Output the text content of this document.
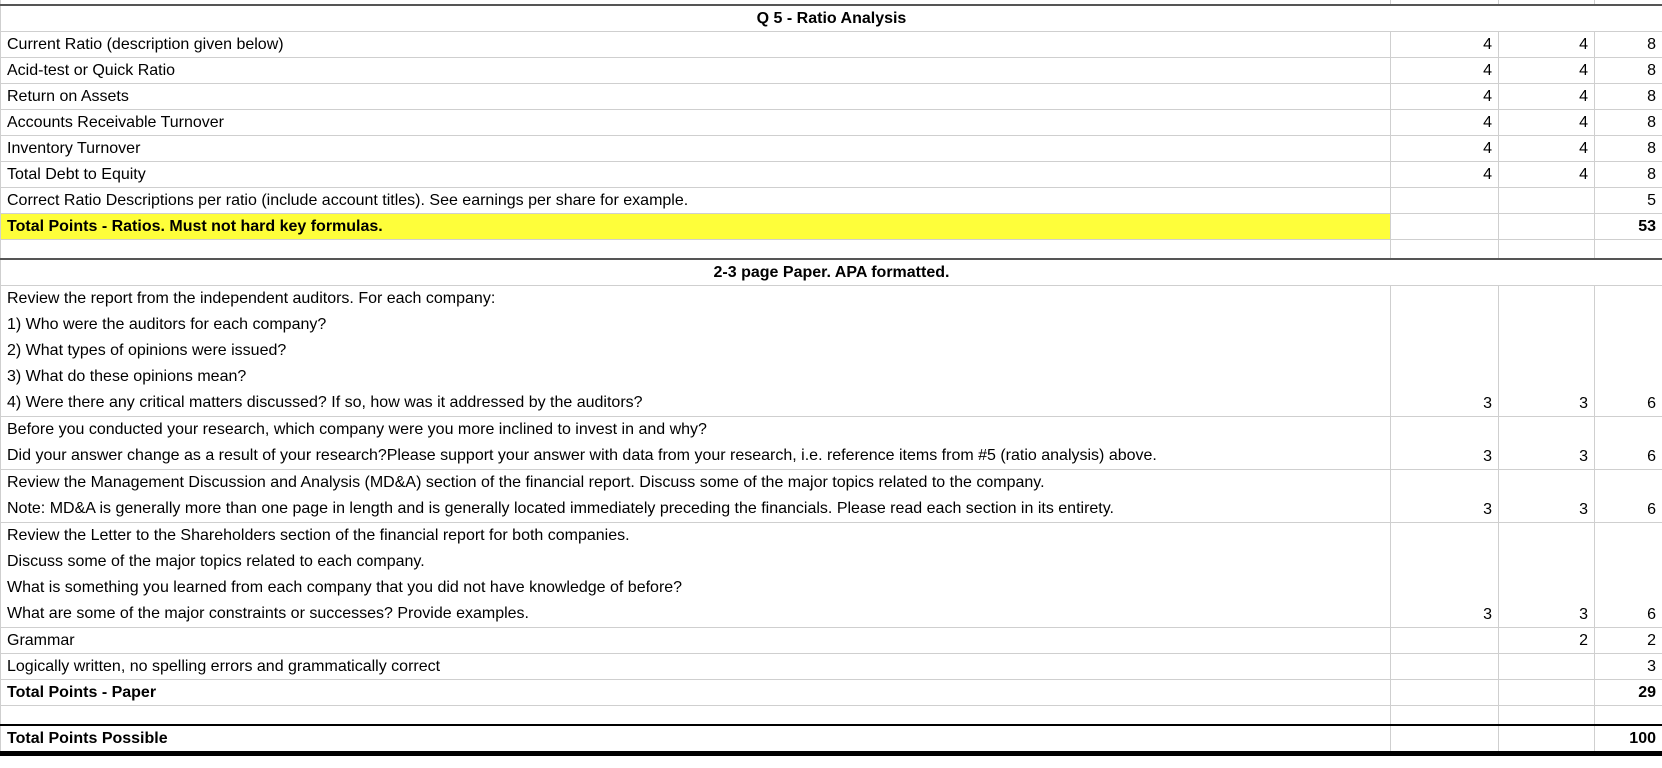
Q 5 - Ratio Analysis			
Current Ratio (description given below)	4	4	8
Acid-test or Quick Ratio	4	4	8
Return on Assets	4	4	8
Accounts Receivable Turnover	4	4	8
Inventory Turnover	4	4	8
Total Debt to Equity	4	4	8
Correct Ratio Descriptions per ratio (include account titles). See earnings per share for example.			5
Total Points - Ratios. Must not hard key formulas.			53

2-3 page Paper. APA formatted.			

Review the report from the independent auditors. For each company:
1) Who were the auditors for each company?
2) What types of opinions were issued?
3) What do these opinions mean?
4) Were there any critical matters discussed? If so, how was it addressed by the auditors?	3	3	6

Before you conducted your research, which company were you more inclined to invest in and why?
Did your answer change as a result of your research?Please support your answer with data from your research, i.e. reference items from #5 (ratio analysis) above.	3	3	6

Review the Management Discussion and Analysis (MD&A) section of the financial report. Discuss some of the major topics related to the company.
Note: MD&A is generally more than one page in length and is generally located immediately preceding the financials. Please read each section in its entirety.	3	3	6

Review the Letter to the Shareholders section of the financial report for both companies.
Discuss some of the major topics related to each company.
What is something you learned from each company that you did not have knowledge of before?
What are some of the major constraints or successes? Provide examples.	3	3	6
Grammar		2	2
Logically written, no spelling errors and grammatically correct			3
Total Points - Paper			29

Total Points Possible			100
